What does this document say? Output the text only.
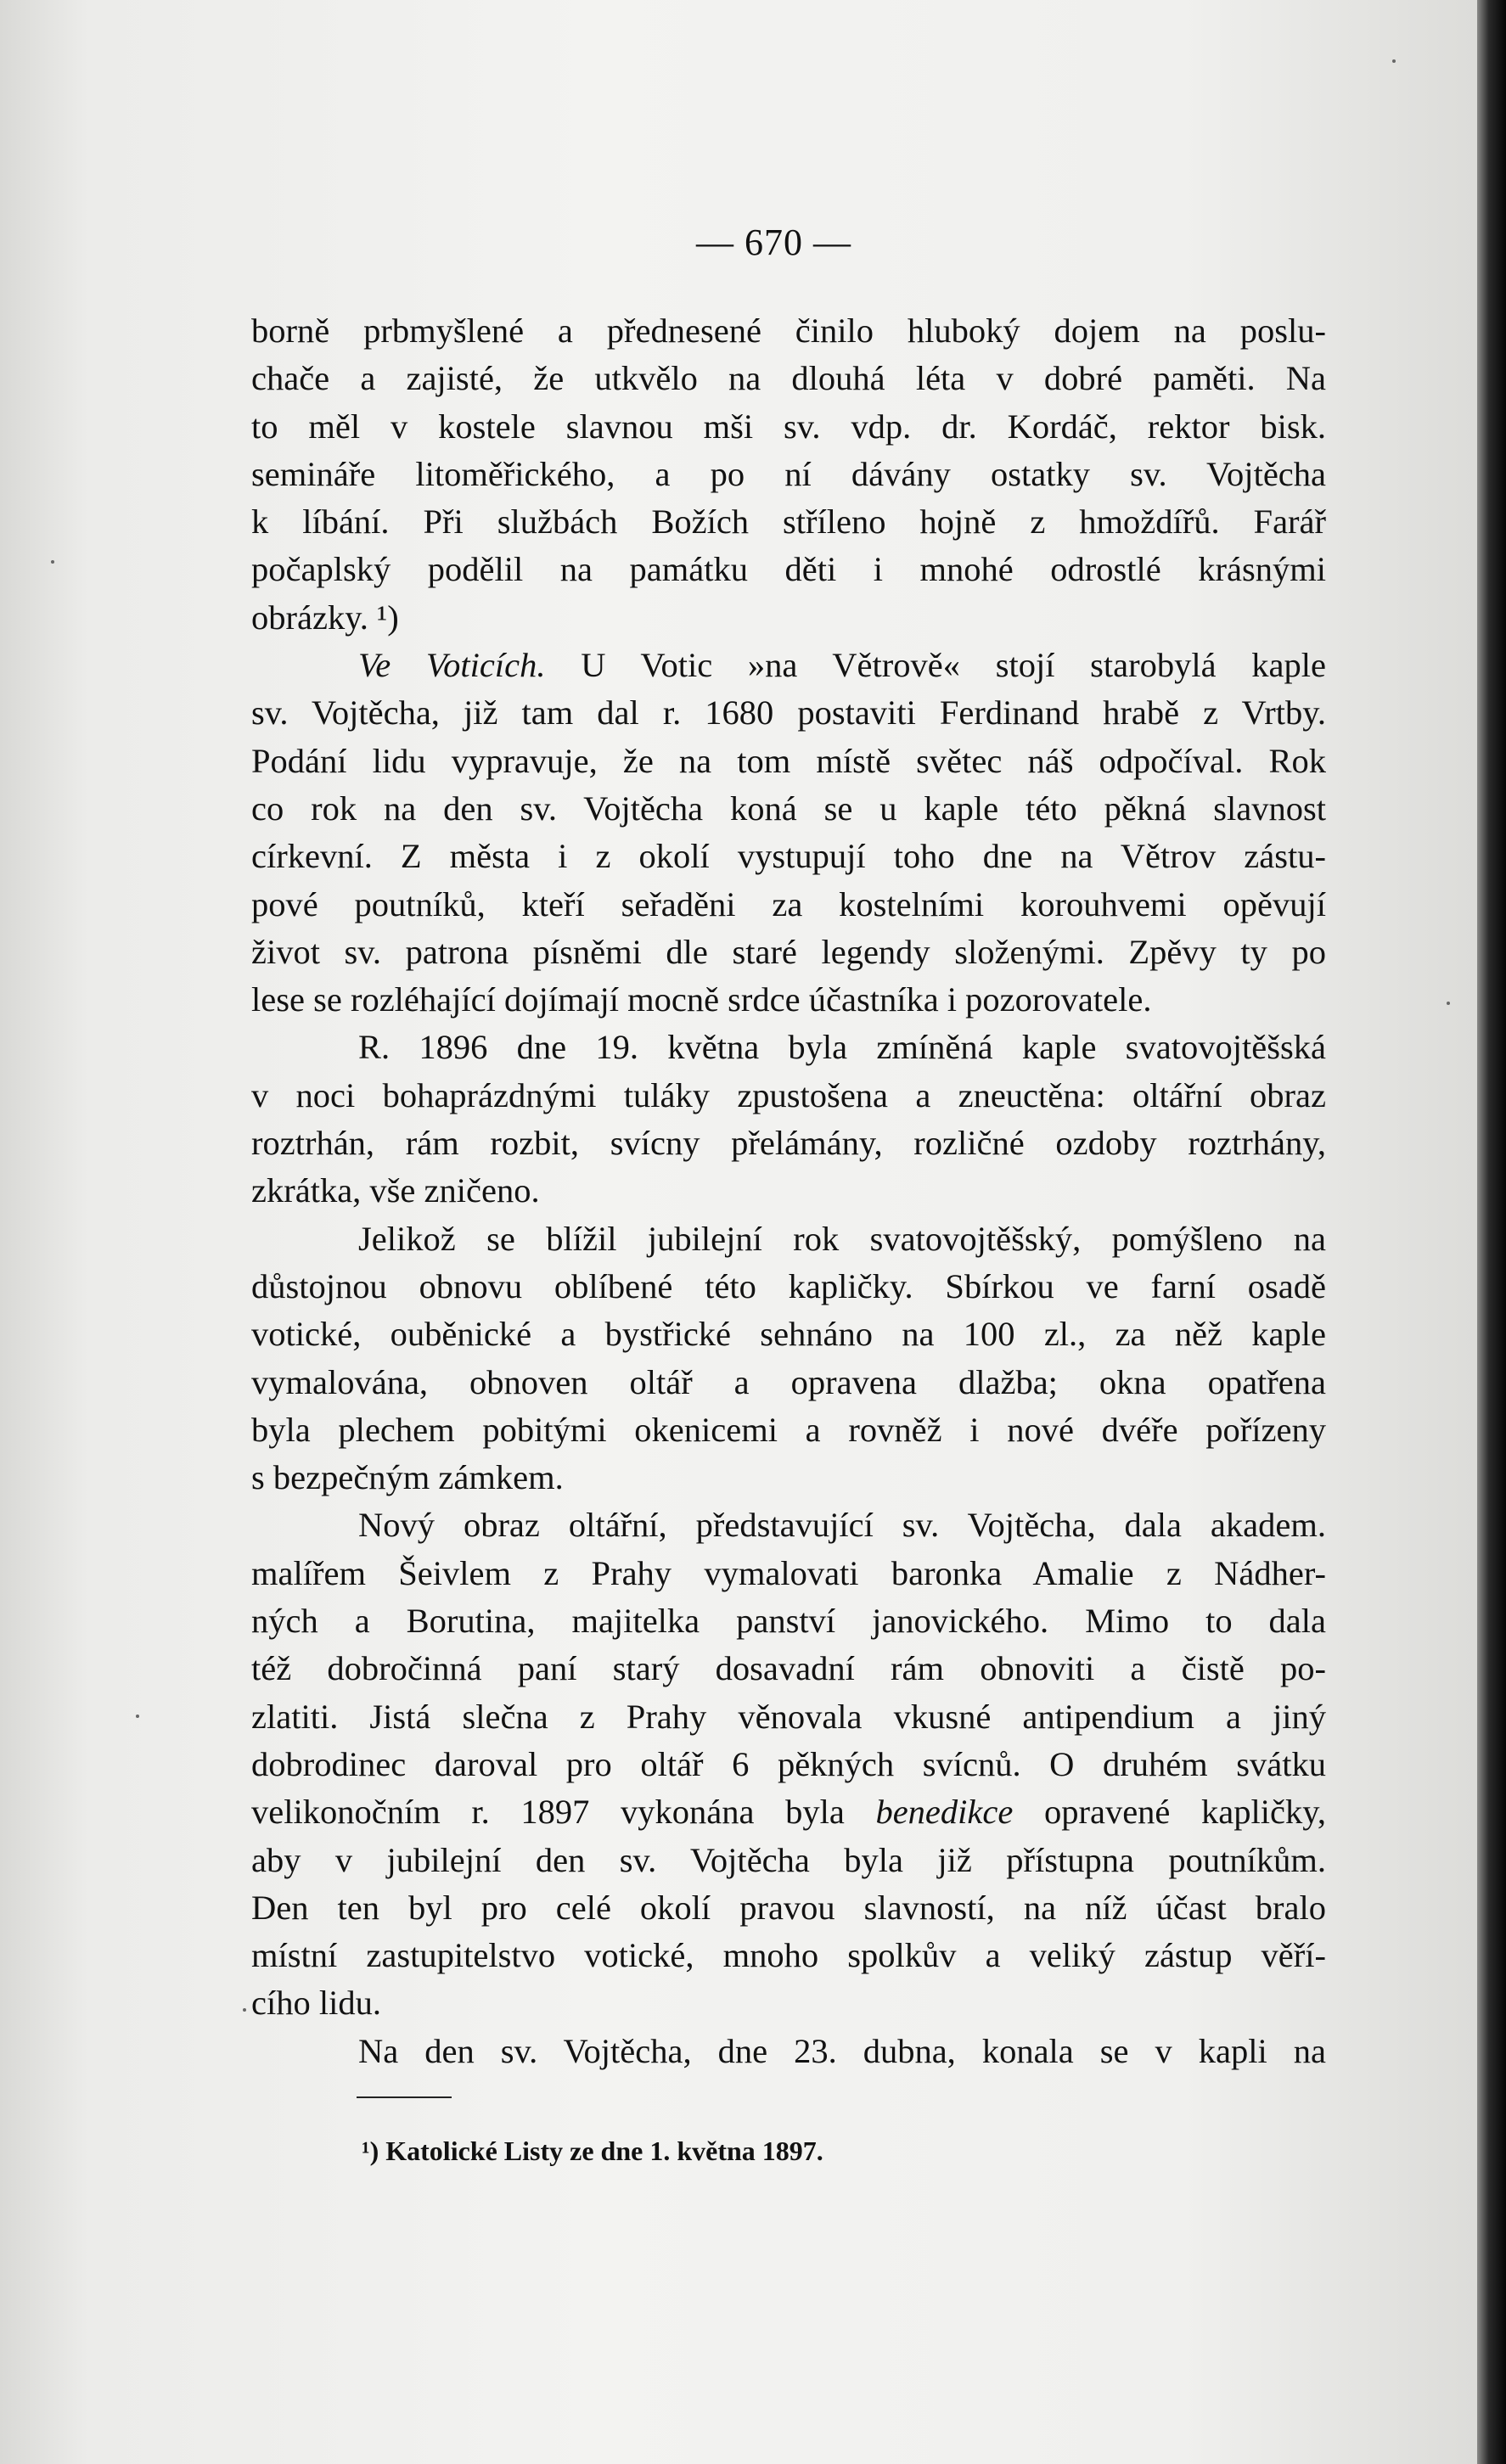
— 670 —
borně prbmyšlené a přednesené činilo hluboký dojem na poslu-
chače a zajisté, že utkvělo na dlouhá léta v dobré paměti. Na
to měl v kostele slavnou mši sv. vdp. dr. Kordáč, rektor bisk.
semináře litoměřického, a po ní dávány ostatky sv. Vojtěcha
k líbání. Při službách Božích stříleno hojně z hmoždířů. Farář
počaplský podělil na památku děti i mnohé odrostlé krásnými
obrázky. ¹)
Ve Voticích. U Votic »na Větrově« stojí starobylá kaple
sv. Vojtěcha, již tam dal r. 1680 postaviti Ferdinand hrabě z Vrtby.
Podání lidu vypravuje, že na tom místě světec náš odpočíval. Rok
co rok na den sv. Vojtěcha koná se u kaple této pěkná slavnost
církevní. Z města i z okolí vystupují toho dne na Větrov zástu-
pové poutníků, kteří seřaděni za kostelními korouhvemi opěvují
život sv. patrona písněmi dle staré legendy složenými. Zpěvy ty po
lese se rozléhající dojímají mocně srdce účastníka i pozorovatele.
R. 1896 dne 19. května byla zmíněná kaple svatovojtěšská
v noci bohaprázdnými tuláky zpustošena a zneuctěna: oltářní obraz
roztrhán, rám rozbit, svícny přelámány, rozličné ozdoby roztrhány,
zkrátka, vše zničeno.
Jelikož se blížil jubilejní rok svatovojtěšský, pomýšleno na
důstojnou obnovu oblíbené této kapličky. Sbírkou ve farní osadě
votické, ouběnické a bystřické sehnáno na 100 zl., za něž kaple
vymalována, obnoven oltář a opravena dlažba; okna opatřena
byla plechem pobitými okenicemi a rovněž i nové dvéře pořízeny
s bezpečným zámkem.
Nový obraz oltářní, představující sv. Vojtěcha, dala akadem.
malířem Šeivlem z Prahy vymalovati baronka Amalie z Nádher-
ných a Borutina, majitelka panství janovického. Mimo to dala
též dobročinná paní starý dosavadní rám obnoviti a čistě po-
zlatiti. Jistá slečna z Prahy věnovala vkusné antipendium a jiný
dobrodinec daroval pro oltář 6 pěkných svícnů. O druhém svátku
velikonočním r. 1897 vykonána byla benedikce opravené kapličky,
aby v jubilejní den sv. Vojtěcha byla již přístupna poutníkům.
Den ten byl pro celé okolí pravou slavností, na níž účast bralo
místní zastupitelstvo votické, mnoho spolkův a veliký zástup věří-
cího lidu.
Na den sv. Vojtěcha, dne 23. dubna, konala se v kapli na
¹) Katolické Listy ze dne 1. května 1897.
